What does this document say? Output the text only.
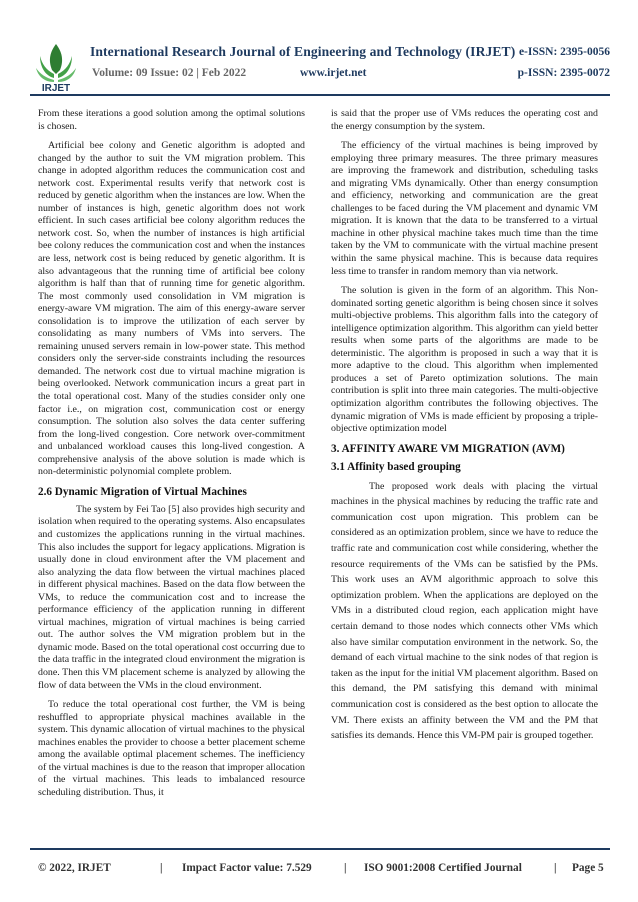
IRJET
International Research Journal of Engineering and Technology (IRJET) e-ISSN: 2395-0056
Volume: 09 Issue: 02 | Feb 2022	www.irjet.net	p-ISSN: 2395-0072

From these iterations a good solution among the optimal solutions is chosen.

Artificial bee colony and Genetic algorithm is adopted and changed by the author to suit the VM migration problem. This change in adopted algorithm reduces the communication cost and network cost. Experimental results verify that network cost is reduced by genetic algorithm when the instances are low. When the number of instances is high, genetic algorithm does not work efficient. In such cases artificial bee colony algorithm reduces the network cost. So, when the number of instances is high artificial bee colony reduces the communication cost and when the instances are less, network cost is being reduced by genetic algorithm. It is also advantageous that the running time of artificial bee colony algorithm is half than that of running time for genetic algorithm. The most commonly used consolidation in VM migration is energy-aware VM migration. The aim of this energy-aware server consolidation is to improve the utilization of each server by consolidating as many numbers of VMs into servers. The remaining unused servers remain in low-power state. This method considers only the server-side constraints including the resources demanded. The network cost due to virtual machine migration is being overlooked. Network communication incurs a great part in the total operational cost. Many of the studies consider only one factor i.e., on migration cost, communication cost or energy consumption. The solution also solves the data center suffering from the long-lived congestion. Core network over-commitment and unbalanced workload causes this long-lived congestion. A comprehensive analysis of the above solution is made which is non-deterministic polynomial complete problem.

2.6 Dynamic Migration of Virtual Machines

The system by Fei Tao [5] also provides high security and isolation when required to the operating systems. Also encapsulates and customizes the applications running in the virtual machines. This also includes the support for legacy applications. Migration is usually done in cloud environment after the VM placement and also analyzing the data flow between the virtual machines placed in different physical machines. Based on the data flow between the VMs, to reduce the communication cost and to increase the performance efficiency of the application running in different virtual machines, migration of virtual machines is being carried out. The author solves the VM migration problem but in the dynamic mode. Based on the total operational cost occurring due to the data traffic in the integrated cloud environment the migration is done. Then this VM placement scheme is analyzed by allowing the flow of data between the VMs in the cloud environment.

To reduce the total operational cost further, the VM is being reshuffled to appropriate physical machines available in the system. This dynamic allocation of virtual machines to the physical machines enables the provider to choose a better placement scheme among the available optimal placement schemes. The inefficiency of the virtual machines is due to the reason that improper allocation of the virtual machines. This leads to imbalanced resource scheduling distribution. Thus, it

is said that the proper use of VMs reduces the operating cost and the energy consumption by the system.

The efficiency of the virtual machines is being improved by employing three primary measures. The three primary measures are improving the framework and distribution, scheduling tasks and migrating VMs dynamically. Other than energy consumption and efficiency, networking and communication are the great challenges to be faced during the VM placement and dynamic VM migration. It is known that the data to be transferred to a virtual machine in other physical machine takes much time than the time taken by the VM to communicate with the virtual machine present within the same physical machine. This is because data requires less time to transfer in random memory than via network.

The solution is given in the form of an algorithm. This Non-dominated sorting genetic algorithm is being chosen since it solves multi-objective problems. This algorithm falls into the category of intelligence optimization algorithm. This algorithm can yield better results when some parts of the algorithms are made to be deterministic. The algorithm is proposed in such a way that it is more adaptive to the cloud. This algorithm when implemented produces a set of Pareto optimization solutions. The main contribution is split into three main categories. The multi-objective optimization algorithm contributes the following objectives. The dynamic migration of VMs is made efficient by proposing a triple-objective optimization model

3. AFFINITY AWARE VM MIGRATION (AVM)
3.1 Affinity based grouping

The proposed work deals with placing the virtual machines in the physical machines by reducing the traffic rate and communication cost upon migration. This problem can be considered as an optimization problem, since we have to reduce the traffic rate and communication cost while considering, whether the resource requirements of the VMs can be satisfied by the PMs. This work uses an AVM algorithmic approach to solve this optimization problem. When the applications are deployed on the VMs in a distributed cloud region, each application might have certain demand to those nodes which connects other VMs which also have similar computation environment in the network. So, the demand of each virtual machine to the sink nodes of that region is taken as the input for the initial VM placement algorithm. Based on this demand, the PM satisfying this demand with minimal communication cost is considered as the best option to allocate the VM. There exists an affinity between the VM and the PM that satisfies its demands. Hence this VM-PM pair is grouped together.

© 2022, IRJET	| Impact Factor value: 7.529	| ISO 9001:2008 Certified Journal	| Page 5
